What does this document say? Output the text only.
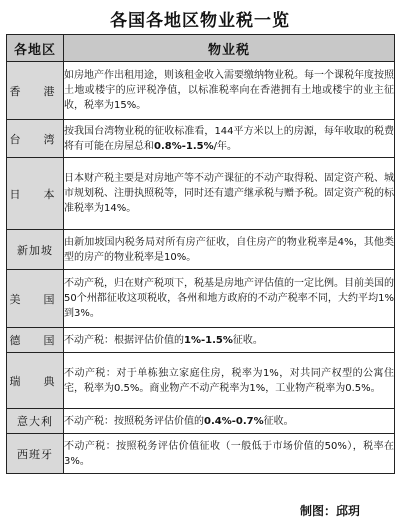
各国各地区物业税一览
各地区	物业税
香　港	如房地产作出租用途，则该租金收入需要缴纳物业税。每一个课税年度按照土地或楼宇的应评税净值，以标准税率向在香港拥有土地或楼宇的业主征收，税率为15%。
台　湾	按我国台湾物业税的征收标准看，144平方米以上的房源，每年收取的税费将有可能在房屋总和0.8%-1.5%/年。
日　本	日本财产税主要是对房地产等不动产课征的不动产取得税、固定资产税、城市规划税、注册执照税等，同时还有遗产继承税与赠予税。固定资产税的标准税率为14%。
新加坡	由新加坡国内税务局对所有房产征收，自住房产的物业税率是4%，其他类型的房产的物业税率是10%。
美　国	不动产税，归在财产税项下，税基是房地产评估值的一定比例。目前美国的50个州都征收这项税收，各州和地方政府的不动产税率不同，大约平均1%到3%。
德　国	不动产税：根据评估价值的1%-1.5%征收。
瑞　典	不动产税：对于单栋独立家庭住房，税率为1%，对共同产权型的公寓住宅，税率为0.5%。商业物产不动产税率为1%，工业物产税率为0.5%。
意大利	不动产税：按照税务评估价值的0.4%-0.7%征收。
西班牙	不动产税：按照税务评估价值征收（一般低于市场价值的50%），税率在3%。
制图：邱玥
